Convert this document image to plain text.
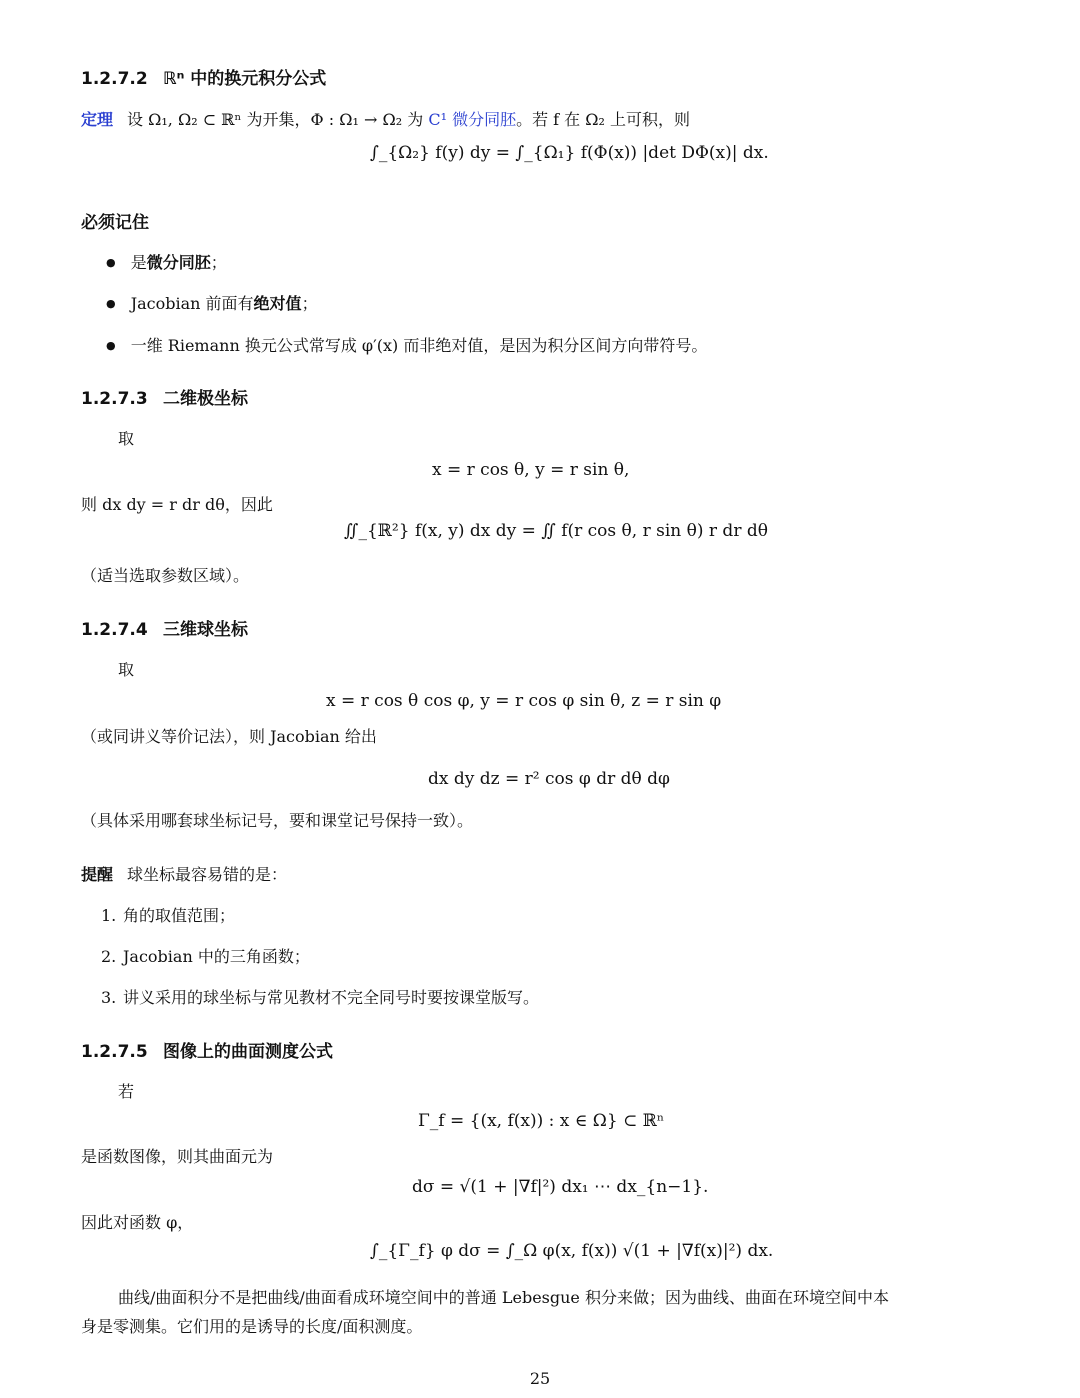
1.2.7.2 ℝⁿ 中的换元积分公式
定理 设 Ω₁, Ω₂ ⊂ ℝⁿ 为开集，Φ : Ω₁ → Ω₂ 为 C¹ 微分同胚。若 f 在 Ω₂ 上可积，则
∫_{Ω₂} f(y) dy = ∫_{Ω₁} f(Φ(x)) |det DΦ(x)| dx.
必须记住
● 是微分同胚；
● Jacobian 前面有绝对值；
● 一维 Riemann 换元公式常写成 φ′(x) 而非绝对值，是因为积分区间方向带符号。
1.2.7.3 二维极坐标
取
x = r cos θ, y = r sin θ,
则 dx dy = r dr dθ，因此
∬_{ℝ²} f(x, y) dx dy = ∬ f(r cos θ, r sin θ) r dr dθ
（适当选取参数区域）。
1.2.7.4 三维球坐标
取
x = r cos θ cos φ, y = r cos φ sin θ, z = r sin φ
（或同讲义等价记法），则 Jacobian 给出
dx dy dz = r² cos φ dr dθ dφ
（具体采用哪套球坐标记号，要和课堂记号保持一致）。
提醒 球坐标最容易错的是：
1. 角的取值范围；
2. Jacobian 中的三角函数；
3. 讲义采用的球坐标与常见教材不完全同号时要按课堂版写。
1.2.7.5 图像上的曲面测度公式
若
Γ_f = {(x, f(x)) : x ∈ Ω} ⊂ ℝⁿ
是函数图像，则其曲面元为
dσ = √(1 + |∇f|²) dx₁ ⋯ dx_{n−1}.
因此对函数 φ，
∫_{Γ_f} φ dσ = ∫_Ω φ(x, f(x)) √(1 + |∇f(x)|²) dx.
曲线/曲面积分不是把曲线/曲面看成环境空间中的普通 Lebesgue 积分来做；因为曲线、曲面在环境空间中本
身是零测集。它们用的是诱导的长度/面积测度。
25
